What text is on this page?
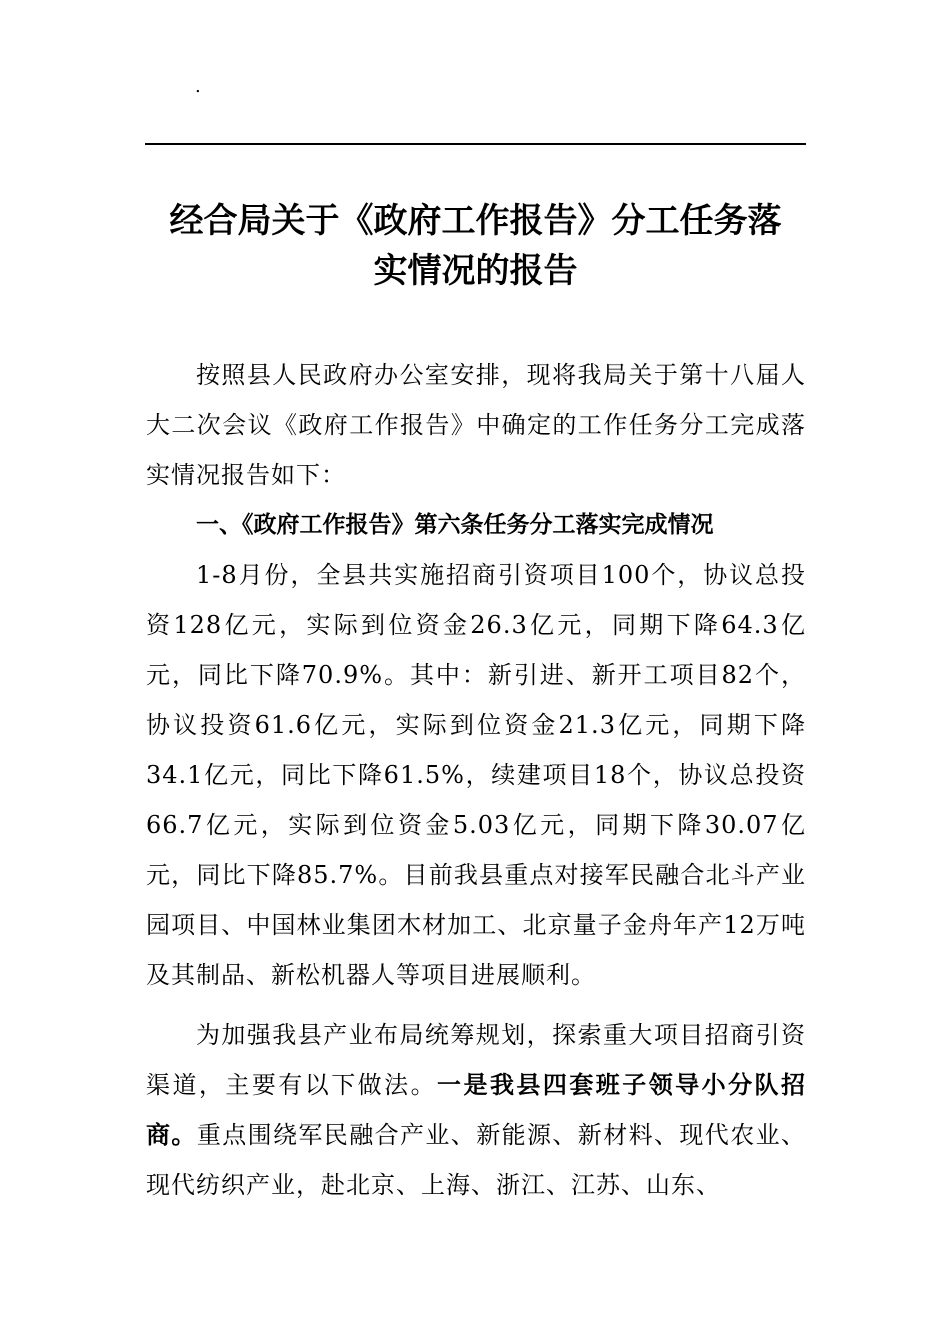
.
经合局关于《政府工作报告》分工任务落
实情况的报告

按照县人民政府办公室安排，现将我局关于第十八届人大二次会议《政府工作报告》中确定的工作任务分工完成落实情况报告如下：

一、《政府工作报告》第六条任务分工落实完成情况

1-8月份，全县共实施招商引资项目100个，协议总投资128亿元，实际到位资金26.3亿元，同期下降64.3亿元，同比下降70.9%。其中：新引进、新开工项目82个，协议投资61.6亿元，实际到位资金21.3亿元，同期下降34.1亿元，同比下降61.5%，续建项目18个，协议总投资66.7亿元，实际到位资金5.03亿元，同期下降30.07亿元，同比下降85.7%。目前我县重点对接军民融合北斗产业园项目、中国林业集团木材加工、北京量子金舟年产12万吨及其制品、新松机器人等项目进展顺利。

为加强我县产业布局统筹规划，探索重大项目招商引资渠道，主要有以下做法。一是我县四套班子领导小分队招商。重点围绕军民融合产业、新能源、新材料、现代农业、现代纺织产业，赴北京、上海、浙江、江苏、山东、
